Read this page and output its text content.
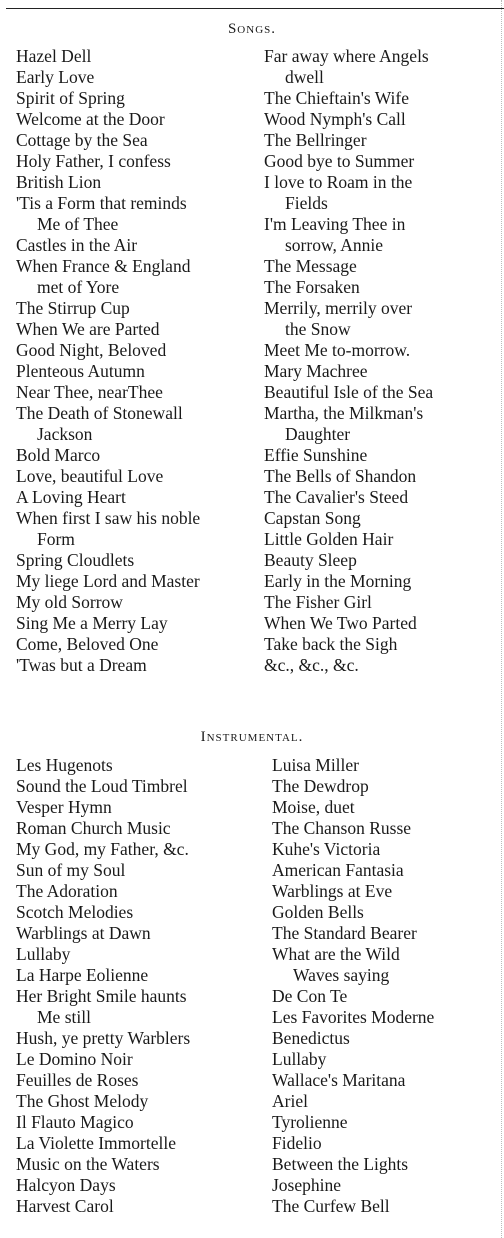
Songs.
Hazel Dell
Early Love
Spirit of Spring
Welcome at the Door
Cottage by the Sea
Holy Father, I confess
British Lion
'Tis a Form that reminds
Me of Thee
Castles in the Air
When France & England
met of Yore
The Stirrup Cup
When We are Parted
Good Night, Beloved
Plenteous Autumn
Near Thee, nearThee
The Death of Stonewall
Jackson
Bold Marco
Love, beautiful Love
A Loving Heart
When first I saw his noble
Form
Spring Cloudlets
My liege Lord and Master
My old Sorrow
Sing Me a Merry Lay
Come, Beloved One
'Twas but a Dream
Far away where Angels
dwell
The Chieftain's Wife
Wood Nymph's Call
The Bellringer
Good bye to Summer
I love to Roam in the
Fields
I'm Leaving Thee in
sorrow, Annie
The Message
The Forsaken
Merrily, merrily over
the Snow
Meet Me to-morrow.
Mary Machree
Beautiful Isle of the Sea
Martha, the Milkman's
Daughter
Effie Sunshine
The Bells of Shandon
The Cavalier's Steed
Capstan Song
Little Golden Hair
Beauty Sleep
Early in the Morning
The Fisher Girl
When We Two Parted
Take back the Sigh
&c., &c., &c.
Instrumental.
Les Hugenots
Sound the Loud Timbrel
Vesper Hymn
Roman Church Music
My God, my Father, &c.
Sun of my Soul
The Adoration
Scotch Melodies
Warblings at Dawn
Lullaby
La Harpe Eolienne
Her Bright Smile haunts
Me still
Hush, ye pretty Warblers
Le Domino Noir
Feuilles de Roses
The Ghost Melody
Il Flauto Magico
La Violette Immortelle
Music on the Waters
Halcyon Days
Harvest Carol
Luisa Miller
The Dewdrop
Moise, duet
The Chanson Russe
Kuhe's Victoria
American Fantasia
Warblings at Eve
Golden Bells
The Standard Bearer
What are the Wild
Waves saying
De Con Te
Les Favorites Moderne
Benedictus
Lullaby
Wallace's Maritana
Ariel
Tyrolienne
Fidelio
Between the Lights
Josephine
The Curfew Bell
